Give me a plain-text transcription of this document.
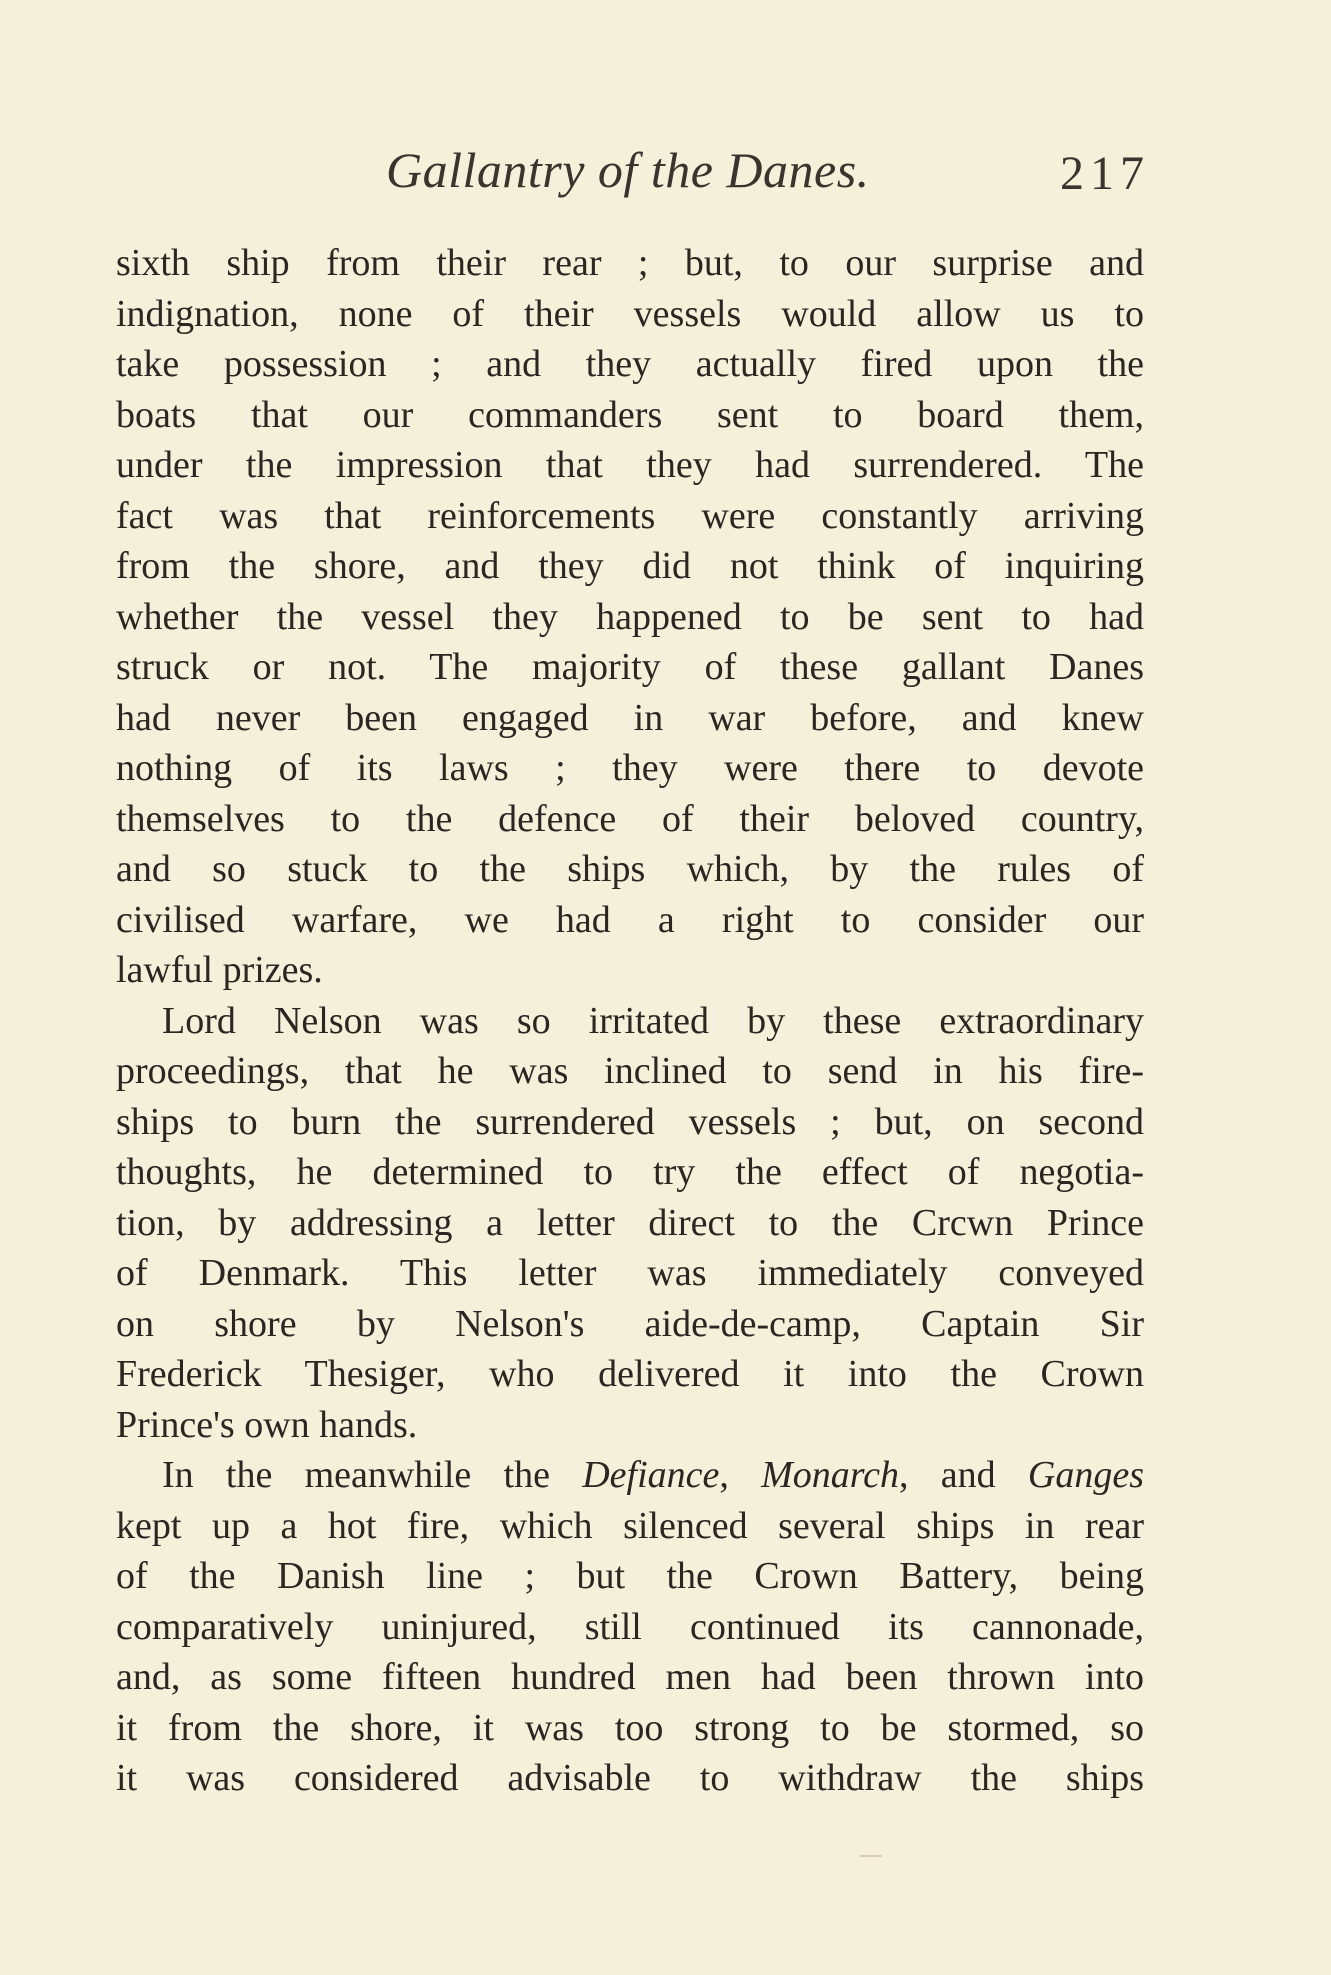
Gallantry of the Danes.	217
sixth ship from their rear ; but, to our surprise and
indignation, none of their vessels would allow us to
take possession ; and they actually fired upon the
boats that our commanders sent to board them,
under the impression that they had surrendered. The
fact was that reinforcements were constantly arriving
from the shore, and they did not think of inquiring
whether the vessel they happened to be sent to had
struck or not. The majority of these gallant Danes
had never been engaged in war before, and knew
nothing of its laws ; they were there to devote
themselves to the defence of their beloved country,
and so stuck to the ships which, by the rules of
civilised warfare, we had a right to consider our
lawful prizes.
Lord Nelson was so irritated by these extraordinary
proceedings, that he was inclined to send in his fire-
ships to burn the surrendered vessels ; but, on second
thoughts, he determined to try the effect of negotia-
tion, by addressing a letter direct to the Crcwn Prince
of Denmark. This letter was immediately conveyed
on shore by Nelson's aide-de-camp, Captain Sir
Frederick Thesiger, who delivered it into the Crown
Prince's own hands.
In the meanwhile the Defiance, Monarch, and Ganges
kept up a hot fire, which silenced several ships in rear
of the Danish line ; but the Crown Battery, being
comparatively uninjured, still continued its cannonade,
and, as some fifteen hundred men had been thrown into
it from the shore, it was too strong to be stormed, so
it was considered advisable to withdraw the ships
